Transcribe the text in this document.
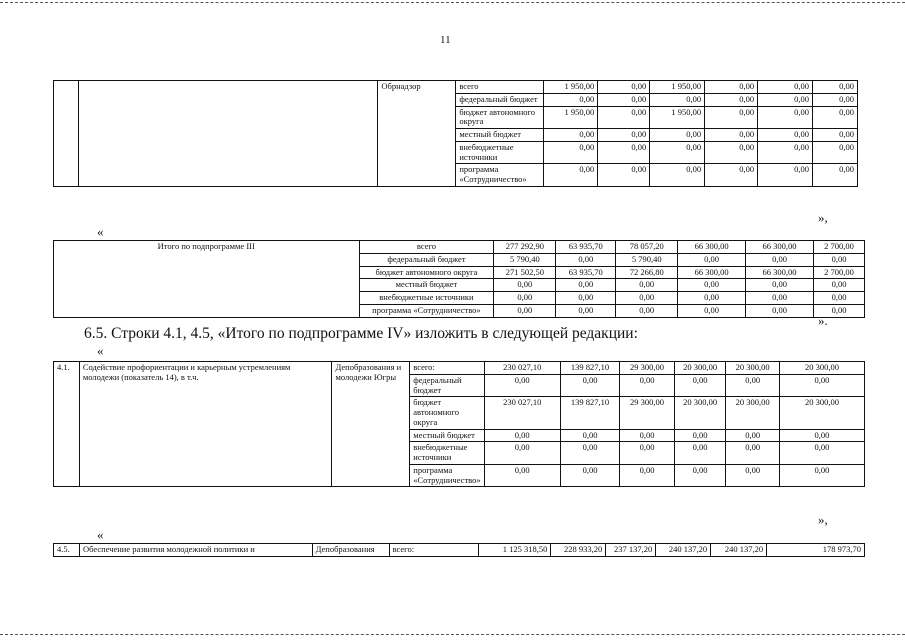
11
		Обрнадзор	всего	1 950,00	0,00	1 950,00	0,00	0,00	0,00
			федеральный бюджет	0,00	0,00	0,00	0,00	0,00	0,00
			бюджет автономного округа	1 950,00	0,00	1 950,00	0,00	0,00	0,00
			местный бюджет	0,00	0,00	0,00	0,00	0,00	0,00
			внебюджетные источники	0,00	0,00	0,00	0,00	0,00	0,00
			программа «Сотрудничество»	0,00	0,00	0,00	0,00	0,00	0,00
»,
«
Итого по подпрограмме III	всего	277 292,90	63 935,70	78 057,20	66 300,00	66 300,00	2 700,00
	федеральный бюджет	5 790,40	0,00	5 790,40	0,00	0,00	0,00
	бюджет автономного округа	271 502,50	63 935,70	72 266,80	66 300,00	66 300,00	2 700,00
	местный бюджет	0,00	0,00	0,00	0,00	0,00	0,00
	внебюджетные источники	0,00	0,00	0,00	0,00	0,00	0,00
	программа «Сотрудничество»	0,00	0,00	0,00	0,00	0,00	0,00
».
6.5. Строки 4.1, 4.5, «Итого по подпрограмме IV» изложить в следующей редакции:
«
4.1.	Содействие профориентации и карьерным устремлениям молодежи (показатель 14), в т.ч.	Депобразования и молодежи Югры	всего:	230 027,10	139 827,10	29 300,00	20 300,00	20 300,00	20 300,00
			федеральный бюджет	0,00	0,00	0,00	0,00	0,00	0,00
			бюджет автономного округа	230 027,10	139 827,10	29 300,00	20 300,00	20 300,00	20 300,00
			местный бюджет	0,00	0,00	0,00	0,00	0,00	0,00
			внебюджетные источники	0,00	0,00	0,00	0,00	0,00	0,00
			программа «Сотрудничество»	0,00	0,00	0,00	0,00	0,00	0,00
»,
«
4.5.	Обеспечение развития молодежной политики и	Депобразования	всего:	1 125 318,50	228 933,20	237 137,20	240 137,20	240 137,20	178 973,70
